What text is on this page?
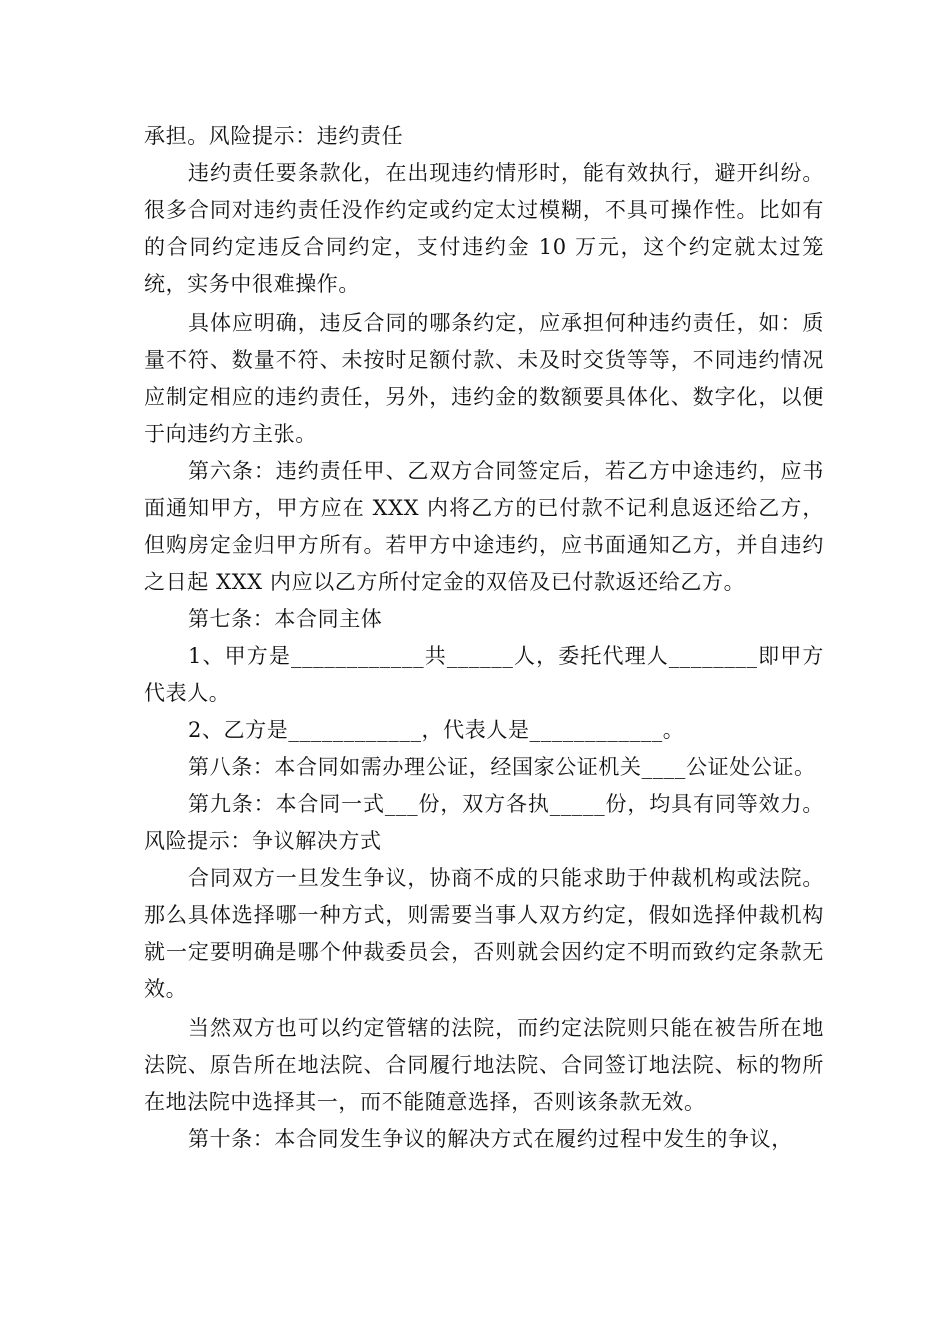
承担。风险提示：违约责任

违约责任要条款化，在出现违约情形时，能有效执行，避开纠纷。很多合同对违约责任没作约定或约定太过模糊，不具可操作性。比如有的合同约定违反合同约定，支付违约金 10 万元，这个约定就太过笼统，实务中很难操作。

具体应明确，违反合同的哪条约定，应承担何种违约责任，如：质量不符、数量不符、未按时足额付款、未及时交货等等，不同违约情况应制定相应的违约责任，另外，违约金的数额要具体化、数字化，以便于向违约方主张。

第六条：违约责任甲、乙双方合同签定后，若乙方中途违约，应书面通知甲方，甲方应在 XXX 内将乙方的已付款不记利息返还给乙方，但购房定金归甲方所有。若甲方中途违约，应书面通知乙方，并自违约之日起 XXX 内应以乙方所付定金的双倍及已付款返还给乙方。

第七条：本合同主体

1、甲方是____________共______人，委托代理人________即甲方代表人。

2、乙方是____________，代表人是____________。

第八条：本合同如需办理公证，经国家公证机关____公证处公证。

第九条：本合同一式___份，双方各执_____份，均具有同等效力。风险提示：争议解决方式

合同双方一旦发生争议，协商不成的只能求助于仲裁机构或法院。那么具体选择哪一种方式，则需要当事人双方约定，假如选择仲裁机构就一定要明确是哪个仲裁委员会，否则就会因约定不明而致约定条款无效。

当然双方也可以约定管辖的法院，而约定法院则只能在被告所在地法院、原告所在地法院、合同履行地法院、合同签订地法院、标的物所在地法院中选择其一，而不能随意选择，否则该条款无效。

第十条：本合同发生争议的解决方式在履约过程中发生的争议，
